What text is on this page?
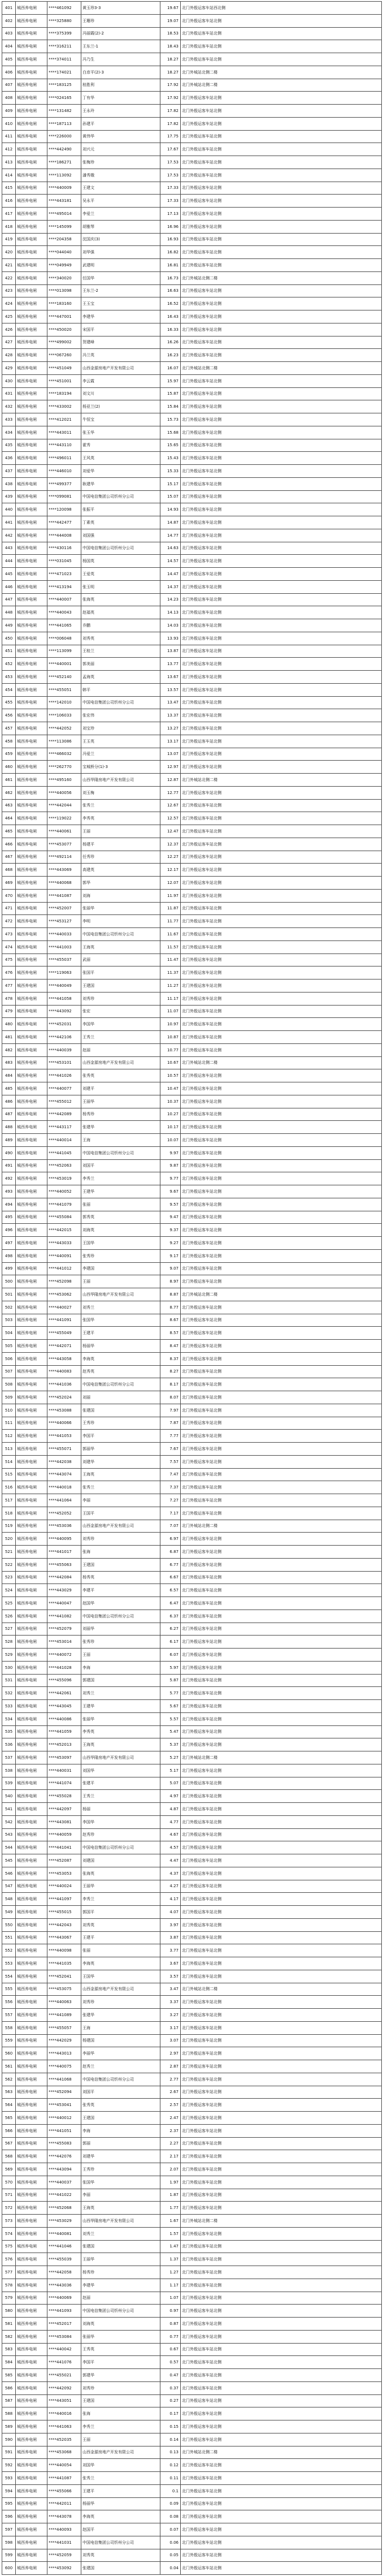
401	城西养电闸	****461092	黄玉珍3-3	19.67	北门外殷运客车站西北侧
402	城西养电闸	****325880	王珊珍	19.07	北门外殷运客车站北侧
403	城西养电闸	****375399	冯丽霞(2)-2	18.53	北门外殷运客车站北侧
404	城西养电闸	****316211	王东兰-1	18.43	北门外殷运客车站北侧
405	城西养电闸	****374011	冯乃生	18.27	北门外殷运客车站北侧
406	城西养电闸	****174021	白彦平(2)-3	18.27	北门外城站北侧二楼
407	城西养电闸	****183125	桂胜利	17.92	北门外城站北侧二楼
408	城西养电闸	****024165	丁有华	17.92	北门外殷运客车站北侧
409	城西养电闸	****131482	王永玲	17.82	北门外殷运客车站北侧
410	城西养电闸	****187113	孙建平	17.82	北门外殷运客车站北侧
411	城西养电闸	****226000	黄伟华	17.75	北门外殷运客车站北侧
412	城西养电闸	****442490	刘兴元	17.67	北门外殷运客车站北侧
413	城西养电闸	****186271	张梅珍	17.53	北门外殷运客车站北侧
414	城西养电闸	****113092	潘秀娥	17.53	北门外殷运客车站北侧
415	城西养电闸	****440009	王建文	17.33	北门外殷运客车站北侧
416	城西养电闸	****443181	吴永平	17.33	北门外殷运客车站北侧
417	城西养电闸	****495014	李爱兰	17.13	北门外殷运客车站北侧
418	城西养电闸	****145099	胡雅琴	16.96	北门外殷运客车站北侧
419	城西养电闸	****204358	沈国庆(3)	16.93	北门外殷运客车站北侧
420	城西养电闸	****044040	刘华强	16.82	北门外殷运客车站北侧
421	城西养电闸	****049949	武建明	16.81	北门外殷运客车站北侧
422	城西养电闸	****340020	任国华	16.73	北门外城站北侧二楼
423	城西养电闸	****013098	王东兰-2	16.63	北门外殷运客车站北侧
424	城西养电闸	****183160	王玉宝	16.52	北门外殷运客车站北侧
425	城西养电闸	****447001	李建华	16.43	北门外殷运客车站北侧
426	城西养电闸	****450020	宋国平	16.33	北门外殷运客车站北侧
427	城西养电闸	****499002	贺建峰	16.26	北门外殷运客车站北侧
428	城西养电闸	****067260	冯兰英	16.23	北门外殷运客车站北侧
429	城西养电闸	****451049	山西金源房地产开发有限公司	16.07	北门外城站北侧二楼
430	城西养电闸	****451001	李云霞	15.97	北门外殷运客车站北侧
431	城西养电闸	****183194	刘文川	15.87	北门外殷运客车站北侧
432	城西养电闸	****433002	杨亚兰(2)	15.84	北门外殷运客车站北侧
433	城西养电闸	****412021	牛恒宝	15.73	北门外殷运客车站北侧
434	城西养电闸	****443011	张玉华	15.68	北门外殷运客车站北侧
435	城西养电闸	****443110	霍秀	15.65	北门外殷运客车站北侧
436	城西养电闸	****496011	王风英	15.43	北门外殷运客车站北侧
437	城西养电闸	****446010	刘爱华	15.33	北门外殷运客车站北侧
438	城西养电闸	****499377	耿建华	15.17	北门外殷运客车站北侧
439	城西养电闸	****099081	中国电信集团公司忻州分公司	15.07	北门外殷运客车站北侧
440	城西养电闸	****120098	张振平	14.93	北门外殷运客车站北侧
441	城西养电闸	****442477	丁素英	14.87	北门外殷运客车站北侧
442	城西养电闸	****444008	刘国强	14.77	北门外殷运客车站北侧
443	城西养电闸	****430116	中国电信集团公司忻州分公司	14.63	北门外殷运客车站北侧
444	城西养电闸	****031045	杨国英	14.57	北门外殷运客车站北侧
445	城西养电闸	****471023	王爱英	14.47	北门外殷运客车站北侧
446	城西养电闸	****413194	张玉明	14.37	北门外殷运客车站北侧
447	城西养电闸	****440007	张海英	14.23	北门外殷运客车站北侧
448	城西养电闸	****440043	赵福英	14.13	北门外殷运客车站北侧
449	城西养电闸	****441065	乔鹏	14.03	北门外殷运客车站北侧
450	城西养电闸	****006048	刘秀英	13.93	北门外殷运客车站北侧
451	城西养电闸	****113099	王桂兰	13.87	北门外殷运客车站北侧
452	城西养电闸	****440001	郭美丽	13.77	北门外殷运客车站北侧
453	城西养电闸	****452140	孟海英	13.67	北门外殷运客车站北侧
454	城西养电闸	****455051	韩平	13.57	北门外殷运客车站北侧
455	城西养电闸	****142010	中国电信集团公司忻州分公司	13.47	北门外殷运客车站北侧
456	城西养电闸	****106033	张宏伟	13.37	北门外殷运客车站北侧
457	城西养电闸	****442052	刘宝珍	13.27	北门外殷运客车站北侧
458	城西养电闸	****113086	王玉英	13.17	北门外殷运客车站北侧
459	城西养电闸	****466032	冯爱兰	13.07	北门外殷运客车站北侧
460	城西养电闸	****262770	宝城桥分(1)-3	12.97	北门外殷运客车站北侧
461	城西养电闸	****495160	山西华隆房地产开发有限公司	12.87	北门外城站北侧二楼
462	城西养电闸	****440056	刘玉梅	12.77	北门外殷运客车站北侧
463	城西养电闸	****442044	张秀兰	12.67	北门外殷运客车站北侧
464	城西养电闸	****119022	李秀英	12.57	北门外殷运客车站北侧
465	城西养电闸	****440061	王丽	12.47	北门外殷运客车站北侧
466	城西养电闸	****453077	杨建平	12.37	北门外殷运客车站北侧
467	城西养电闸	****492114	任秀珍	12.27	北门外殷运客车站北侧
468	城西养电闸	****443069	高建英	12.17	北门外殷运客车站北侧
469	城西养电闸	****440068	郭华	12.07	北门外殷运客车站北侧
470	城西养电闸	****441087	刘海	11.97	北门外殷运客车站北侧
471	城西养电闸	****452007	张丽华	11.87	北门外殷运客车站北侧
472	城西养电闸	****453127	李明	11.77	北门外殷运客车站北侧
473	城西养电闸	****440033	中国电信集团公司忻州分公司	11.67	北门外殷运客车站北侧
474	城西养电闸	****441003	王海英	11.57	北门外殷运客车站北侧
475	城西养电闸	****455037	武丽	11.47	北门外殷运客车站北侧
476	城西养电闸	****119063	张国平	11.37	北门外殷运客车站北侧
477	城西养电闸	****440049	王建国	11.27	北门外殷运客车站北侧
478	城西养电闸	****441058	刘秀珍	11.17	北门外殷运客车站北侧
479	城西养电闸	****443092	张宏	11.07	北门外殷运客车站北侧
480	城西养电闸	****452031	李国华	10.97	北门外殷运客车站北侧
481	城西养电闸	****442106	王秀兰	10.87	北门外殷运客车站北侧
482	城西养电闸	****440039	赵丽	10.77	北门外殷运客车站北侧
483	城西养电闸	****453101	山西金源房地产开发有限公司	10.67	北门外城站北侧二楼
484	城西养电闸	****441026	张秀英	10.57	北门外殷运客车站北侧
485	城西养电闸	****440077	刘建平	10.47	北门外殷运客车站北侧
486	城西养电闸	****455012	王丽华	10.37	北门外殷运客车站北侧
487	城西养电闸	****442089	杨秀珍	10.27	北门外殷运客车站北侧
488	城西养电闸	****443117	张建华	10.17	北门外殷运客车站北侧
489	城西养电闸	****440014	王海	10.07	北门外殷运客车站北侧
490	城西养电闸	****441045	中国电信集团公司忻州分公司	9.97	北门外殷运客车站北侧
491	城西养电闸	****452063	刘国平	9.87	北门外殷运客车站北侧
492	城西养电闸	****453019	李秀兰	9.77	北门外殷运客车站北侧
493	城西养电闸	****440052	王建华	9.67	北门外殷运客车站北侧
494	城西养电闸	****441079	张丽	9.57	北门外殷运客车站北侧
495	城西养电闸	****455084	郭秀英	9.47	北门外殷运客车站北侧
496	城西养电闸	****442015	刘海英	9.37	北门外殷运客车站北侧
497	城西养电闸	****443033	王国华	9.27	北门外殷运客车站北侧
498	城西养电闸	****440091	张秀珍	9.17	北门外殷运客车站北侧
499	城西养电闸	****441012	李建国	9.07	北门外殷运客车站北侧
500	城西养电闸	****452098	王丽	8.97	北门外殷运客车站北侧
501	城西养电闸	****453062	山西华隆房地产开发有限公司	8.87	北门外城站北侧二楼
502	城西养电闸	****440027	刘秀兰	8.77	北门外殷运客车站北侧
503	城西养电闸	****441091	张国华	8.67	北门外殷运客车站北侧
504	城西养电闸	****455049	王建平	8.57	北门外殷运客车站北侧
505	城西养电闸	****442071	杨丽华	8.47	北门外殷运客车站北侧
506	城西养电闸	****443058	李海英	8.37	北门外殷运客车站北侧
507	城西养电闸	****440083	赵秀英	8.27	北门外殷运客车站北侧
508	城西养电闸	****441036	中国电信集团公司忻州分公司	8.17	北门外殷运客车站北侧
509	城西养电闸	****452024	刘丽	8.07	北门外殷运客车站北侧
510	城西养电闸	****453088	张建国	7.97	北门外殷运客车站北侧
511	城西养电闸	****440066	王秀珍	7.87	北门外殷运客车站北侧
512	城西养电闸	****441053	李国平	7.77	北门外殷运客车站北侧
513	城西养电闸	****455071	郭丽华	7.67	北门外殷运客车站北侧
514	城西养电闸	****442038	刘建华	7.57	北门外殷运客车站北侧
515	城西养电闸	****443074	王海英	7.47	北门外殷运客车站北侧
516	城西养电闸	****440018	张秀兰	7.37	北门外殷运客车站北侧
517	城西养电闸	****441064	李丽	7.27	北门外殷运客车站北侧
518	城西养电闸	****452052	王国平	7.17	北门外殷运客车站北侧
519	城西养电闸	****453036	山西金源房地产开发有限公司	7.07	北门外城站北侧二楼
520	城西养电闸	****440095	刘秀珍	6.97	北门外殷运客车站北侧
521	城西养电闸	****441017	张海	6.87	北门外殷运客车站北侧
522	城西养电闸	****455063	王建国	6.77	北门外殷运客车站北侧
523	城西养电闸	****442084	杨秀英	6.67	北门外殷运客车站北侧
524	城西养电闸	****443029	李建平	6.57	北门外殷运客车站北侧
525	城西养电闸	****440047	赵国华	6.47	北门外殷运客车站北侧
526	城西养电闸	****441082	中国电信集团公司忻州分公司	6.37	北门外殷运客车站北侧
527	城西养电闸	****452079	刘丽华	6.27	北门外殷运客车站北侧
528	城西养电闸	****453014	张秀珍	6.17	北门外殷运客车站北侧
529	城西养电闸	****440072	王丽	6.07	北门外殷运客车站北侧
530	城西养电闸	****441028	李海	5.97	北门外殷运客车站北侧
531	城西养电闸	****455096	郭建国	5.87	北门外殷运客车站北侧
532	城西养电闸	****442061	刘秀兰	5.77	北门外殷运客车站北侧
533	城西养电闸	****443045	王建华	5.67	北门外殷运客车站北侧
534	城西养电闸	****440086	张丽华	5.57	北门外殷运客车站北侧
535	城西养电闸	****441059	李秀英	5.47	北门外殷运客车站北侧
536	城西养电闸	****452013	王海英	5.37	北门外殷运客车站北侧
537	城西养电闸	****453097	山西华隆房地产开发有限公司	5.27	北门外城站北侧二楼
538	城西养电闸	****440031	刘国华	5.17	北门外殷运客车站北侧
539	城西养电闸	****441074	张建平	5.07	北门外殷运客车站北侧
540	城西养电闸	****455028	王秀兰	4.97	北门外殷运客车站北侧
541	城西养电闸	****442097	杨丽	4.87	北门外殷运客车站北侧
542	城西养电闸	****443081	李国华	4.77	北门外殷运客车站北侧
543	城西养电闸	****440059	赵秀珍	4.67	北门外殷运客车站北侧
544	城西养电闸	****441041	中国电信集团公司忻州分公司	4.57	北门外殷运客车站北侧
545	城西养电闸	****452087	刘建国	4.47	北门外殷运客车站北侧
546	城西养电闸	****453053	张海英	4.37	北门外殷运客车站北侧
547	城西养电闸	****440024	王丽华	4.27	北门外殷运客车站北侧
548	城西养电闸	****441097	李秀兰	4.17	北门外殷运客车站北侧
549	城西养电闸	****455015	郭国平	4.07	北门外殷运客车站北侧
550	城西养电闸	****442043	刘秀英	3.97	北门外殷运客车站北侧
551	城西养电闸	****443067	王建平	3.87	北门外殷运客车站北侧
552	城西养电闸	****440098	张丽	3.77	北门外殷运客车站北侧
553	城西养电闸	****441035	李海英	3.67	北门外殷运客车站北侧
554	城西养电闸	****452041	王国华	3.57	北门外殷运客车站北侧
555	城西养电闸	****453075	山西金源房地产开发有限公司	3.47	北门外城站北侧二楼
556	城西养电闸	****440063	刘秀珍	3.37	北门外殷运客车站北侧
557	城西养电闸	****441089	张建华	3.27	北门外殷运客车站北侧
558	城西养电闸	****455057	王海	3.17	北门外殷运客车站北侧
559	城西养电闸	****442029	杨建国	3.07	北门外殷运客车站北侧
560	城西养电闸	****443013	李丽华	2.97	北门外殷运客车站北侧
561	城西养电闸	****440075	赵秀兰	2.87	北门外殷运客车站北侧
562	城西养电闸	****441068	中国电信集团公司忻州分公司	2.77	北门外殷运客车站北侧
563	城西养电闸	****452094	刘国平	2.67	北门外殷运客车站北侧
564	城西养电闸	****453041	张秀英	2.57	北门外殷运客车站北侧
565	城西养电闸	****440012	王建国	2.47	北门外殷运客车站北侧
566	城西养电闸	****441051	李海	2.37	北门外殷运客车站北侧
567	城西养电闸	****455083	郭丽	2.27	北门外殷运客车站北侧
568	城西养电闸	****442076	刘建华	2.17	北门外殷运客车站北侧
569	城西养电闸	****443094	王秀珍	2.07	北门外殷运客车站北侧
570	城西养电闸	****440037	张国华	1.97	北门外殷运客车站北侧
571	城西养电闸	****441022	李丽	1.87	北门外殷运客车站北侧
572	城西养电闸	****452068	王海英	1.77	北门外殷运客车站北侧
573	城西养电闸	****453029	山西华隆房地产开发有限公司	1.67	北门外城站北侧二楼
574	城西养电闸	****440081	刘秀兰	1.57	北门外殷运客车站北侧
575	城西养电闸	****441046	张建国	1.47	北门外殷运客车站北侧
576	城西养电闸	****455039	王丽华	1.37	北门外殷运客车站北侧
577	城西养电闸	****442058	杨秀珍	1.27	北门外殷运客车站北侧
578	城西养电闸	****443036	李建华	1.17	北门外殷运客车站北侧
579	城西养电闸	****440069	赵丽	1.07	北门外殷运客车站北侧
580	城西养电闸	****441093	中国电信集团公司忻州分公司	0.97	北门外殷运客车站北侧
581	城西养电闸	****452017	刘海英	0.87	北门外殷运客车站北侧
582	城西养电闸	****453084	张丽华	0.77	北门外殷运客车站北侧
583	城西养电闸	****440042	王秀英	0.67	北门外殷运客车站北侧
584	城西养电闸	****441076	李国平	0.57	北门外殷运客车站北侧
585	城西养电闸	****455021	郭建华	0.47	北门外殷运客车站北侧
586	城西养电闸	****442092	刘秀珍	0.37	北门外殷运客车站北侧
587	城西养电闸	****443051	王建国	0.27	北门外殷运客车站北侧
588	城西养电闸	****440016	张海	0.17	北门外殷运客车站北侧
589	城西养电闸	****441063	李秀兰	0.15	北门外殷运客车站北侧
590	城西养电闸	****452035	王丽	0.14	北门外殷运客车站北侧
591	城西养电闸	****453068	山西金源房地产开发有限公司	0.13	北门外城站北侧二楼
592	城西养电闸	****440054	刘国华	0.12	北门外殷运客车站北侧
593	城西养电闸	****441087	张秀兰	0.11	北门外殷运客车站北侧
594	城西养电闸	****455066	王建平	0.1	北门外殷运客车站北侧
595	城西养电闸	****442011	杨丽华	0.09	北门外殷运客车站北侧
596	城西养电闸	****443078	李海英	0.08	北门外殷运客车站北侧
597	城西养电闸	****440093	赵国平	0.07	北门外殷运客车站北侧
598	城西养电闸	****441031	中国电信集团公司忻州分公司	0.06	北门外殷运客车站北侧
599	城西养电闸	****452059	刘秀英	0.05	北门外殷运客车站北侧
600	城西养电闸	****453092	张建国	0.04	北门外殷运客车站北侧
